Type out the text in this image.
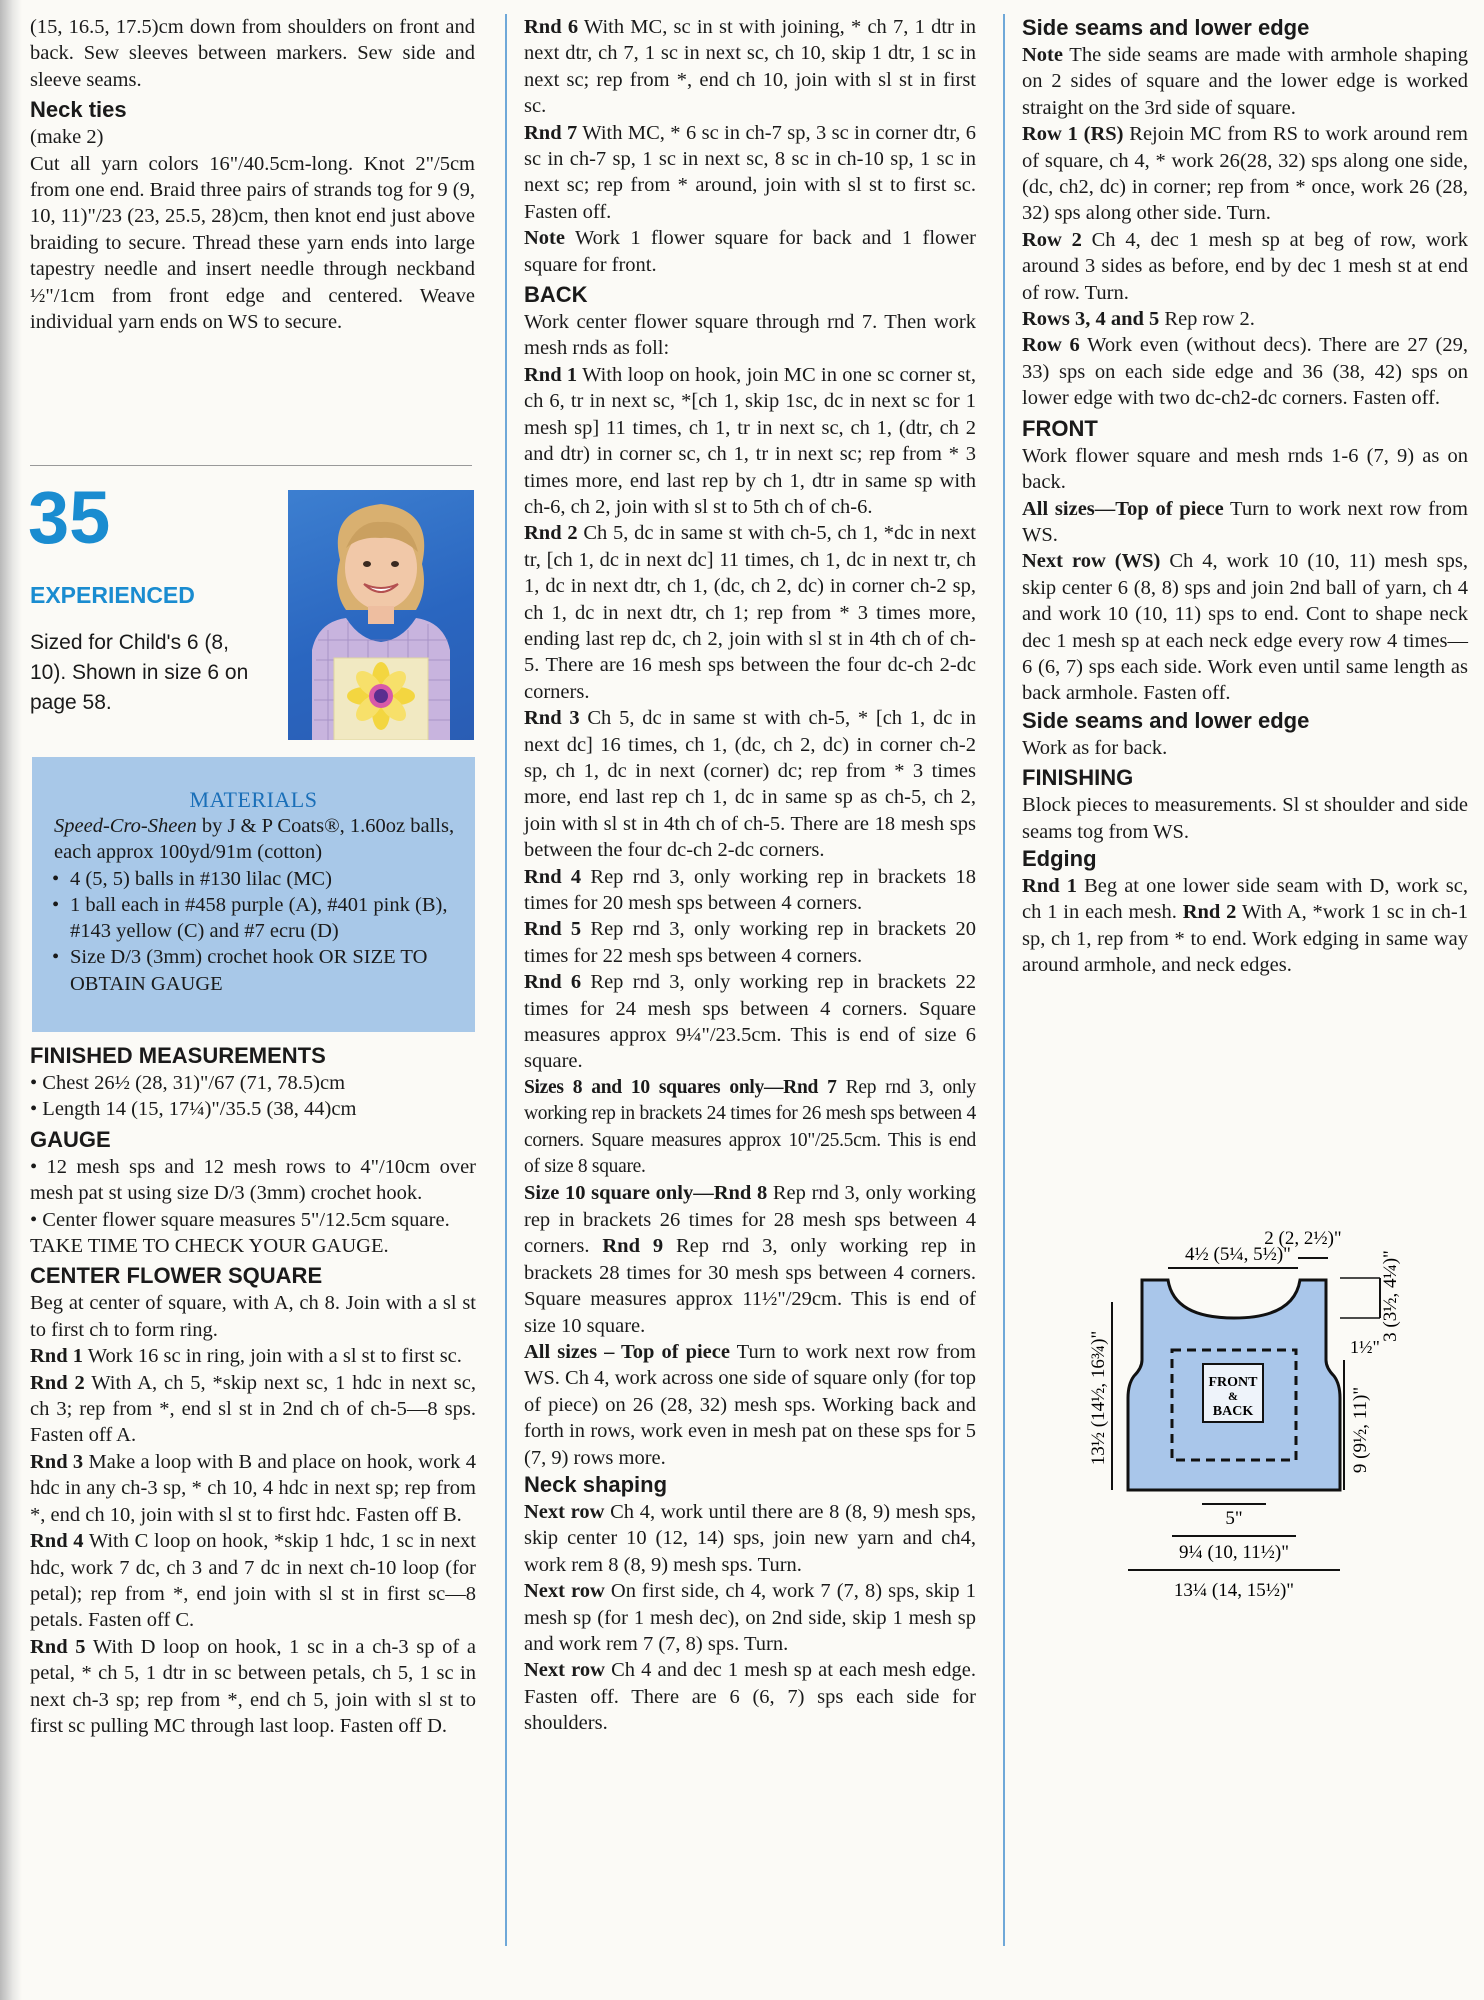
(15, 16.5, 17.5)cm down from shoulders on front and back. Sew sleeves between markers. Sew side and sleeve seams.

Neck ties

(make 2)

Cut all yarn colors 16"/40.5cm-long. Knot 2"/5cm from one end. Braid three pairs of strands tog for 9 (9, 10, 11)"/23 (23, 25.5, 28)cm, then knot end just above braiding to secure. Thread these yarn ends into large tapestry needle and insert needle through neckband ½"/1cm from front edge and centered. Weave individual yarn ends on WS to secure.

35
EXPERIENCED
Sized for Child's 6 (8, 10). Shown in size 6 on page 58.
MATERIALS

Speed-Cro-Sheen by J & P Coats®, 1.60oz balls, each approx 100yd/91m (cotton)

• 4 (5, 5) balls in #130 lilac (MC)
• 1 ball each in #458 purple (A), #401 pink (B), #143 yellow (C) and #7 ecru (D)
• Size D/3 (3mm) crochet hook OR SIZE TO OBTAIN GAUGE

FINISHED MEASUREMENTS

• Chest 26½ (28, 31)"/67 (71, 78.5)cm

• Length 14 (15, 17¼)"/35.5 (38, 44)cm

GAUGE

• 12 mesh sps and 12 mesh rows to 4"/10cm over mesh pat st using size D/3 (3mm) crochet hook.

• Center flower square measures 5"/12.5cm square.

TAKE TIME TO CHECK YOUR GAUGE.

CENTER FLOWER SQUARE

Beg at center of square, with A, ch 8. Join with a sl st to first ch to form ring.

Rnd 1 Work 16 sc in ring, join with a sl st to first sc.

Rnd 2 With A, ch 5, *skip next sc, 1 hdc in next sc, ch 3; rep from *, end sl st in 2nd ch of ch-5—8 sps. Fasten off A.

Rnd 3 Make a loop with B and place on hook, work 4 hdc in any ch-3 sp, * ch 10, 4 hdc in next sp; rep from *, end ch 10, join with sl st to first hdc. Fasten off B.

Rnd 4 With C loop on hook, *skip 1 hdc, 1 sc in next hdc, work 7 dc, ch 3 and 7 dc in next ch-10 loop (for petal); rep from *, end join with sl st in first sc—8 petals. Fasten off C.

Rnd 5 With D loop on hook, 1 sc in a ch-3 sp of a petal, * ch 5, 1 dtr in sc between petals, ch 5, 1 sc in next ch-3 sp; rep from *, end ch 5, join with sl st to first sc pulling MC through last loop. Fasten off D.

Rnd 6 With MC, sc in st with joining, * ch 7, 1 dtr in next dtr, ch 7, 1 sc in next sc, ch 10, skip 1 dtr, 1 sc in next sc; rep from *, end ch 10, join with sl st in first sc.

Rnd 7 With MC, * 6 sc in ch-7 sp, 3 sc in corner dtr, 6 sc in ch-7 sp, 1 sc in next sc, 8 sc in ch-10 sp, 1 sc in next sc; rep from * around, join with sl st to first sc. Fasten off.

Note Work 1 flower square for back and 1 flower square for front.

BACK

Work center flower square through rnd 7. Then work mesh rnds as foll:

Rnd 1 With loop on hook, join MC in one sc corner st, ch 6, tr in next sc, *[ch 1, skip 1sc, dc in next sc for 1 mesh sp] 11 times, ch 1, tr in next sc, ch 1, (dtr, ch 2 and dtr) in corner sc, ch 1, tr in next sc; rep from * 3 times more, end last rep by ch 1, dtr in same sp with ch-6, ch 2, join with sl st to 5th ch of ch-6.

Rnd 2 Ch 5, dc in same st with ch-5, ch 1, *dc in next tr, [ch 1, dc in next dc] 11 times, ch 1, dc in next tr, ch 1, dc in next dtr, ch 1, (dc, ch 2, dc) in corner ch-2 sp, ch 1, dc in next dtr, ch 1; rep from * 3 times more, ending last rep dc, ch 2, join with sl st in 4th ch of ch-5. There are 16 mesh sps between the four dc-ch 2-dc corners.

Rnd 3 Ch 5, dc in same st with ch-5, * [ch 1, dc in next dc] 16 times, ch 1, (dc, ch 2, dc) in corner ch-2 sp, ch 1, dc in next (corner) dc; rep from * 3 times more, end last rep ch 1, dc in same sp as ch-5, ch 2, join with sl st in 4th ch of ch-5. There are 18 mesh sps between the four dc-ch 2-dc corners.

Rnd 4 Rep rnd 3, only working rep in brackets 18 times for 20 mesh sps between 4 corners.

Rnd 5 Rep rnd 3, only working rep in brackets 20 times for 22 mesh sps between 4 corners.

Rnd 6 Rep rnd 3, only working rep in brackets 22 times for 24 mesh sps between 4 corners. Square measures approx 9¼"/23.5cm. This is end of size 6 square.

Sizes 8 and 10 squares only—Rnd 7 Rep rnd 3, only working rep in brackets 24 times for 26 mesh sps between 4 corners. Square measures approx 10"/25.5cm. This is end of size 8 square.

Size 10 square only—Rnd 8 Rep rnd 3, only working rep in brackets 26 times for 28 mesh sps between 4 corners. Rnd 9 Rep rnd 3, only working rep in brackets 28 times for 30 mesh sps between 4 corners. Square measures approx 11½"/29cm. This is end of size 10 square.

All sizes – Top of piece Turn to work next row from WS. Ch 4, work across one side of square only (for top of piece) on 26 (28, 32) mesh sps. Working back and forth in rows, work even in mesh pat on these sps for 5 (7, 9) rows more.

Neck shaping

Next row Ch 4, work until there are 8 (8, 9) mesh sps, skip center 10 (12, 14) sps, join new yarn and ch4, work rem 8 (8, 9) mesh sps. Turn.

Next row On first side, ch 4, work 7 (7, 8) sps, skip 1 mesh sp (for 1 mesh dec), on 2nd side, skip 1 mesh sp and work rem 7 (7, 8) sps. Turn.

Next row Ch 4 and dec 1 mesh sp at each mesh edge. Fasten off. There are 6 (6, 7) sps each side for shoulders.

Side seams and lower edge

Note The side seams are made with armhole shaping on 2 sides of square and the lower edge is worked straight on the 3rd side of square.

Row 1 (RS) Rejoin MC from RS to work around rem of square, ch 4, * work 26(28, 32) sps along one side, (dc, ch2, dc) in corner; rep from * once, work 26 (28, 32) sps along other side. Turn.

Row 2 Ch 4, dec 1 mesh sp at beg of row, work around 3 sides as before, end by dec 1 mesh st at end of row. Turn.

Rows 3, 4 and 5 Rep row 2.

Row 6 Work even (without decs). There are 27 (29, 33) sps on each side edge and 36 (38, 42) sps on lower edge with two dc-ch2-dc corners. Fasten off.

FRONT

Work flower square and mesh rnds 1-6 (7, 9) as on back.

All sizes—Top of piece Turn to work next row from WS.

Next row (WS) Ch 4, work 10 (10, 11) mesh sps, skip center 6 (8, 8) sps and join 2nd ball of yarn, ch 4 and work 10 (10, 11) sps to end. Cont to shape neck dec 1 mesh sp at each neck edge every row 4 times—6 (6, 7) sps each side. Work even until same length as back armhole. Fasten off.

Side seams and lower edge

Work as for back.

FINISHING

Block pieces to measurements. Sl st shoulder and side seams tog from WS.

Edging

Rnd 1 Beg at one lower side seam with D, work sc, ch 1 in each mesh. Rnd 2 With A, *work 1 sc in ch-1 sp, ch 1, rep from * to end. Work edging in same way around armhole, and neck edges.

FRONT
&
BACK
2 (2, 2½)"
4½ (5¼, 5½)"
13½ (14½, 16¾)"
3 (3½, 4¼)"
1½"
9 (9½, 11)"
5"
9¼ (10, 11½)"
13¼ (14, 15½)"
